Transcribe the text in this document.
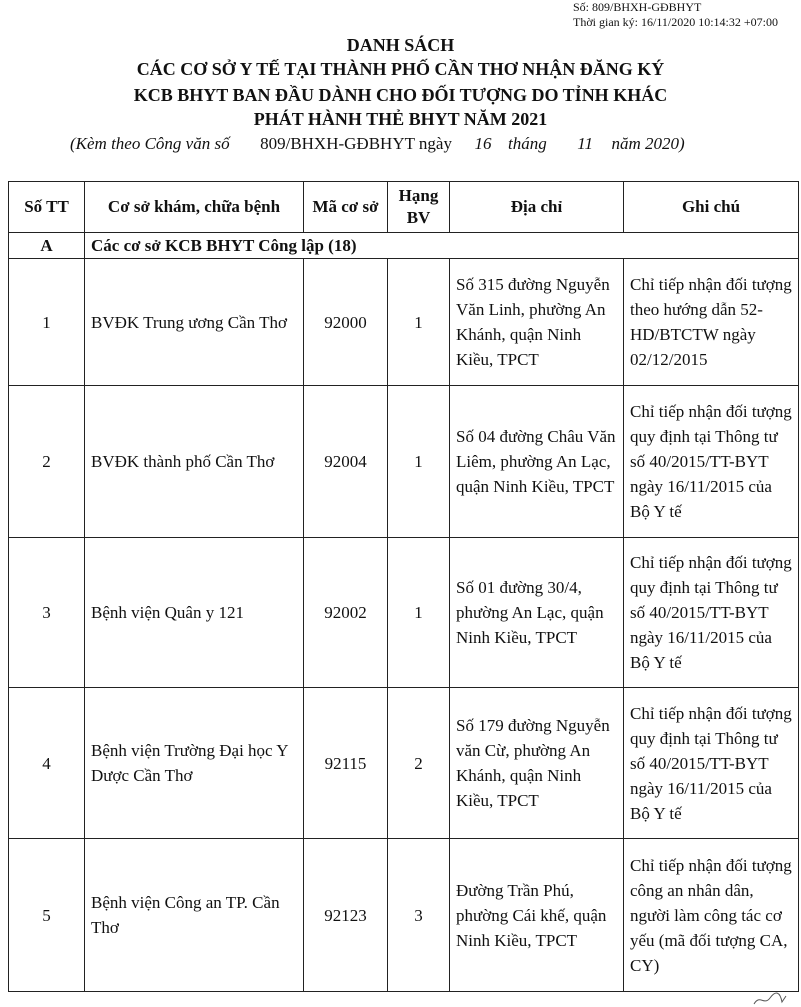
Số: 809/BHXH-GĐBHYT
Thời gian ký: 16/11/2020 10:14:32 +07:00
DANH SÁCH
CÁC CƠ SỞ Y TẾ TẠI THÀNH PHỐ CẦN THƠ NHẬN ĐĂNG KÝ
KCB BHYT BAN ĐẦU DÀNH CHO ĐỐI TƯỢNG DO TỈNH KHÁC
PHÁT HÀNH THẺ BHYT NĂM 2021
(Kèm theo Công văn số 809/BHXH-GĐBHYT ngày 16 tháng 11 năm 2020)
Số TT	Cơ sở khám, chữa bệnh	Mã cơ sở	Hạng BV	Địa chỉ	Ghi chú
A	Các cơ sở KCB BHYT Công lập (18)				
1	BVĐK Trung ương Cần Thơ	92000	1	Số 315 đường Nguyễn Văn Linh, phường An Khánh, quận Ninh Kiều, TPCT	Chỉ tiếp nhận đối tượng theo hướng dẫn 52-HD/BTCTW ngày 02/12/2015
2	BVĐK thành phố Cần Thơ	92004	1	Số 04 đường Châu Văn Liêm, phường An Lạc, quận Ninh Kiều, TPCT	Chỉ tiếp nhận đối tượng quy định tại Thông tư số 40/2015/TT-BYT ngày 16/11/2015 của Bộ Y tế
3	Bệnh viện Quân y 121	92002	1	Số 01 đường 30/4, phường An Lạc, quận Ninh Kiều, TPCT	Chỉ tiếp nhận đối tượng quy định tại Thông tư số 40/2015/TT-BYT ngày 16/11/2015 của Bộ Y tế
4	Bệnh viện Trường Đại học Y Dược Cần Thơ	92115	2	Số 179 đường Nguyễn văn Cừ, phường An Khánh, quận Ninh Kiều, TPCT	Chỉ tiếp nhận đối tượng quy định tại Thông tư số 40/2015/TT-BYT ngày 16/11/2015 của Bộ Y tế
5	Bệnh viện Công an TP. Cần Thơ	92123	3	Đường Trần Phú, phường Cái khế, quận Ninh Kiều, TPCT	Chỉ tiếp nhận đối tượng công an nhân dân, người làm công tác cơ yếu (mã đối tượng CA, CY)
